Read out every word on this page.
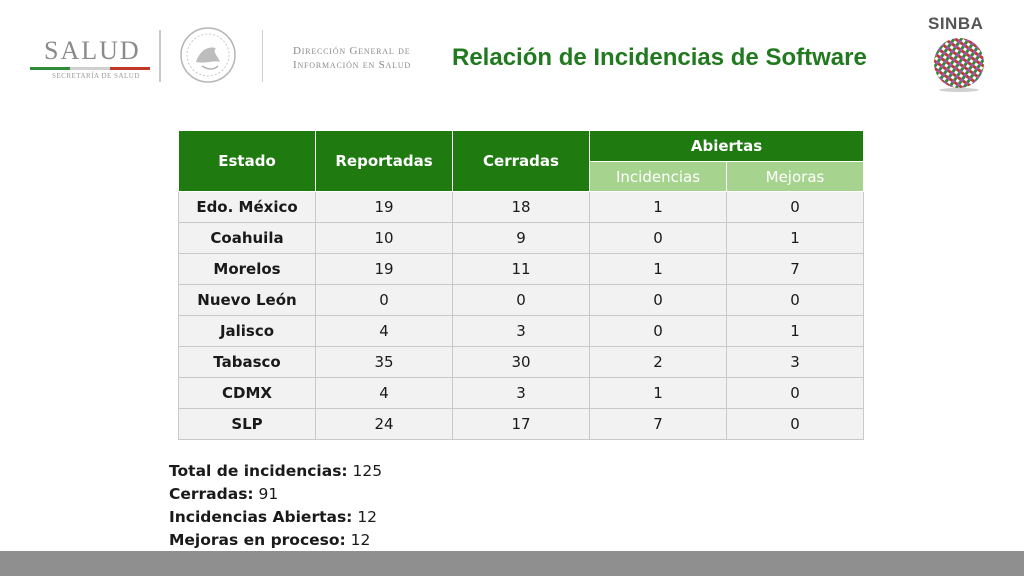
SALUD
SECRETARÍA DE SALUD
Dirección General de
Información en Salud Relación de Incidencias de Software
SINBA
Estado	Reportadas	Cerradas	Abiertas	
			Incidencias	Mejoras
Edo. México	19	18	1	0
Coahuila	10	9	0	1
Morelos	19	11	1	7
Nuevo León	0	0	0	0
Jalisco	4	3	0	1
Tabasco	35	30	2	3
CDMX	4	3	1	0
SLP	24	17	7	0
Total de incidencias: 125
Cerradas: 91
Incidencias Abiertas: 12
Mejoras en proceso: 12
